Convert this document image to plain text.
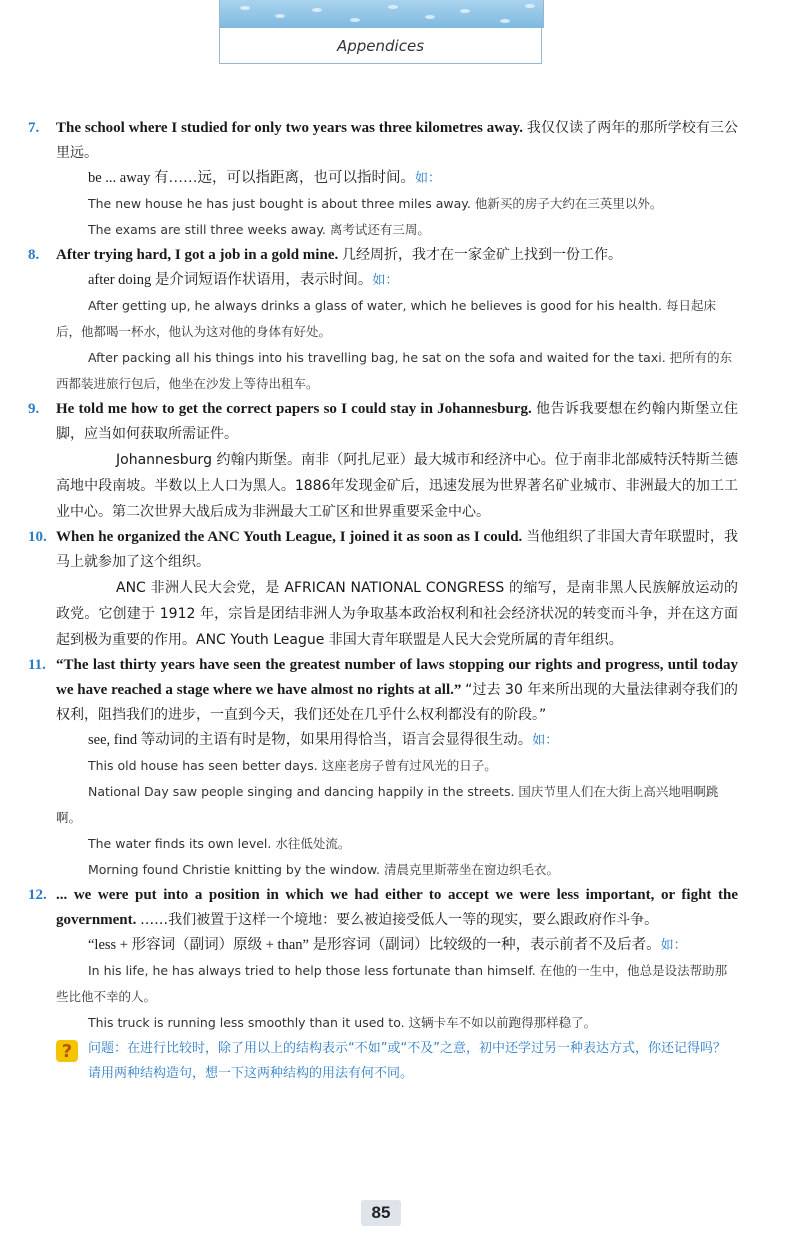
Appendices
7.	The school where I studied for only two years was three kilometres away. 我仅仅读了两年的那所学校有三公里远。
be ... away 有……远，可以指距离，也可以指时间。如：
The new house he has just bought is about three miles away. 他新买的房子大约在三英里以外。
The exams are still three weeks away. 离考试还有三周。
8.	After trying hard, I got a job in a gold mine. 几经周折，我才在一家金矿上找到一份工作。
after doing 是介词短语作状语用，表示时间。如：
After getting up, he always drinks a glass of water, which he believes is good for his health. 每日起床后，他都喝一杯水，他认为这对他的身体有好处。
After packing all his things into his travelling bag, he sat on the sofa and waited for the taxi. 把所有的东西都装进旅行包后，他坐在沙发上等待出租车。
9.	He told me how to get the correct papers so I could stay in Johannesburg. 他告诉我要想在约翰内斯堡立住脚，应当如何获取所需证件。
Johannesburg 约翰内斯堡。南非（阿扎尼亚）最大城市和经济中心。位于南非北部威特沃特斯兰德高地中段南坡。半数以上人口为黑人。1886年发现金矿后，迅速发展为世界著名矿业城市、非洲最大的加工工业中心。第二次世界大战后成为非洲最大工矿区和世界重要采金中心。
10. When he organized the ANC Youth League, I joined it as soon as I could. 当他组织了非国大青年联盟时，我马上就参加了这个组织。
ANC 非洲人民大会党，是 AFRICAN NATIONAL CONGRESS 的缩写，是南非黑人民族解放运动的政党。它创建于 1912 年，宗旨是团结非洲人为争取基本政治权利和社会经济状况的转变而斗争，并在这方面起到极为重要的作用。ANC Youth League 非国大青年联盟是人民大会党所属的青年组织。
11. “The last thirty years have seen the greatest number of laws stopping our rights and progress, until today we have reached a stage where we have almost no rights at all.” “过去 30 年来所出现的大量法律剥夺我们的权利，阻挡我们的进步，一直到今天，我们还处在几乎什么权利都没有的阶段。”
see, find 等动词的主语有时是物，如果用得恰当，语言会显得很生动。如：
This old house has seen better days. 这座老房子曾有过风光的日子。
National Day saw people singing and dancing happily in the streets. 国庆节里人们在大街上高兴地唱啊跳啊。
The water finds its own level. 水往低处流。
Morning found Christie knitting by the window. 清晨克里斯蒂坐在窗边织毛衣。
12. ... we were put into a position in which we had either to accept we were less important, or fight the government. ……我们被置于这样一个境地：要么被迫接受低人一等的现实，要么跟政府作斗争。
“less + 形容词（副词）原级 + than” 是形容词（副词）比较级的一种，表示前者不及后者。如：
In his life, he has always tried to help those less fortunate than himself. 在他的一生中，他总是设法帮助那些比他不幸的人。
This truck is running less smoothly than it used to. 这辆卡车不如以前跑得那样稳了。
?	问题：在进行比较时，除了用以上的结构表示“不如”或“不及”之意，初中还学过另一种表达方式，你还记得吗？请用两种结构造句，想一下这两种结构的用法有何不同。
85
